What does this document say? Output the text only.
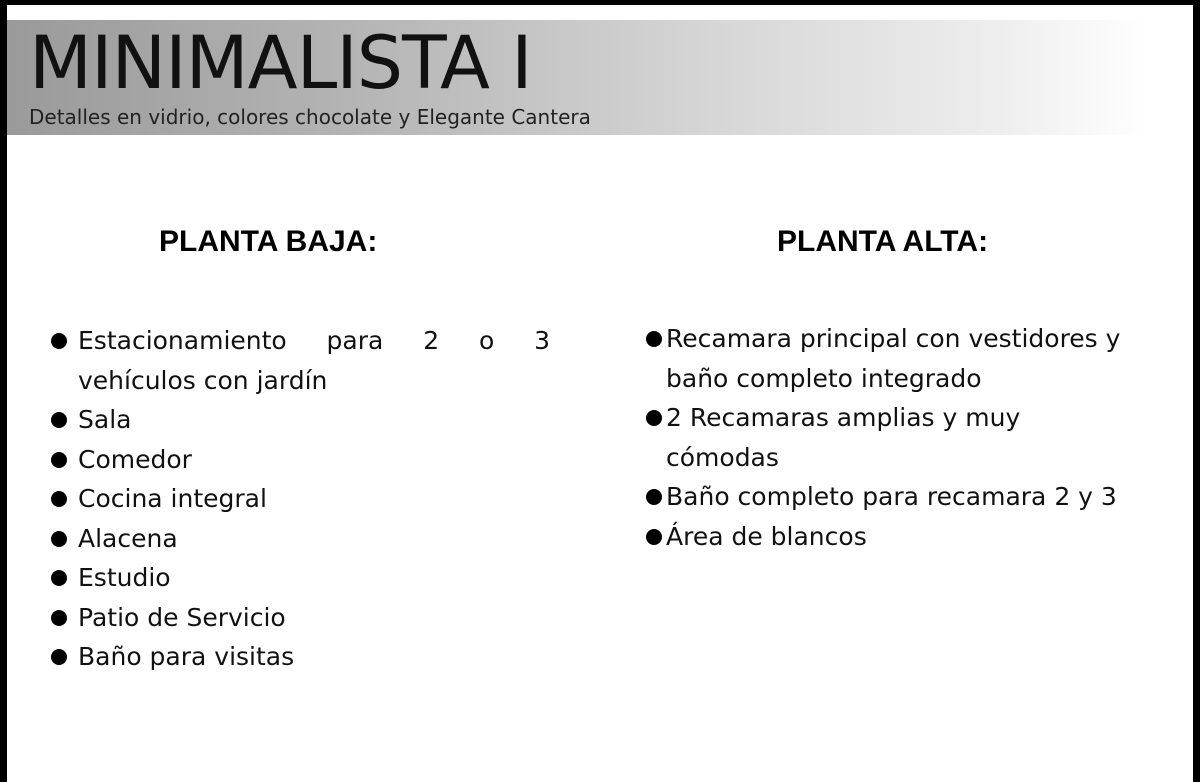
MINIMALISTA I
Detalles en vidrio, colores chocolate y Elegante Cantera
PLANTA BAJA:	PLANTA ALTA:
Estacionamiento para 2 o 3
vehículos con jardín
Sala
Comedor
Cocina integral
Alacena
Estudio
Patio de Servicio
Baño para visitas
Recamara principal con vestidores y
baño completo integrado
2 Recamaras amplias y muy
cómodas
Baño completo para recamara 2 y 3
Área de blancos
